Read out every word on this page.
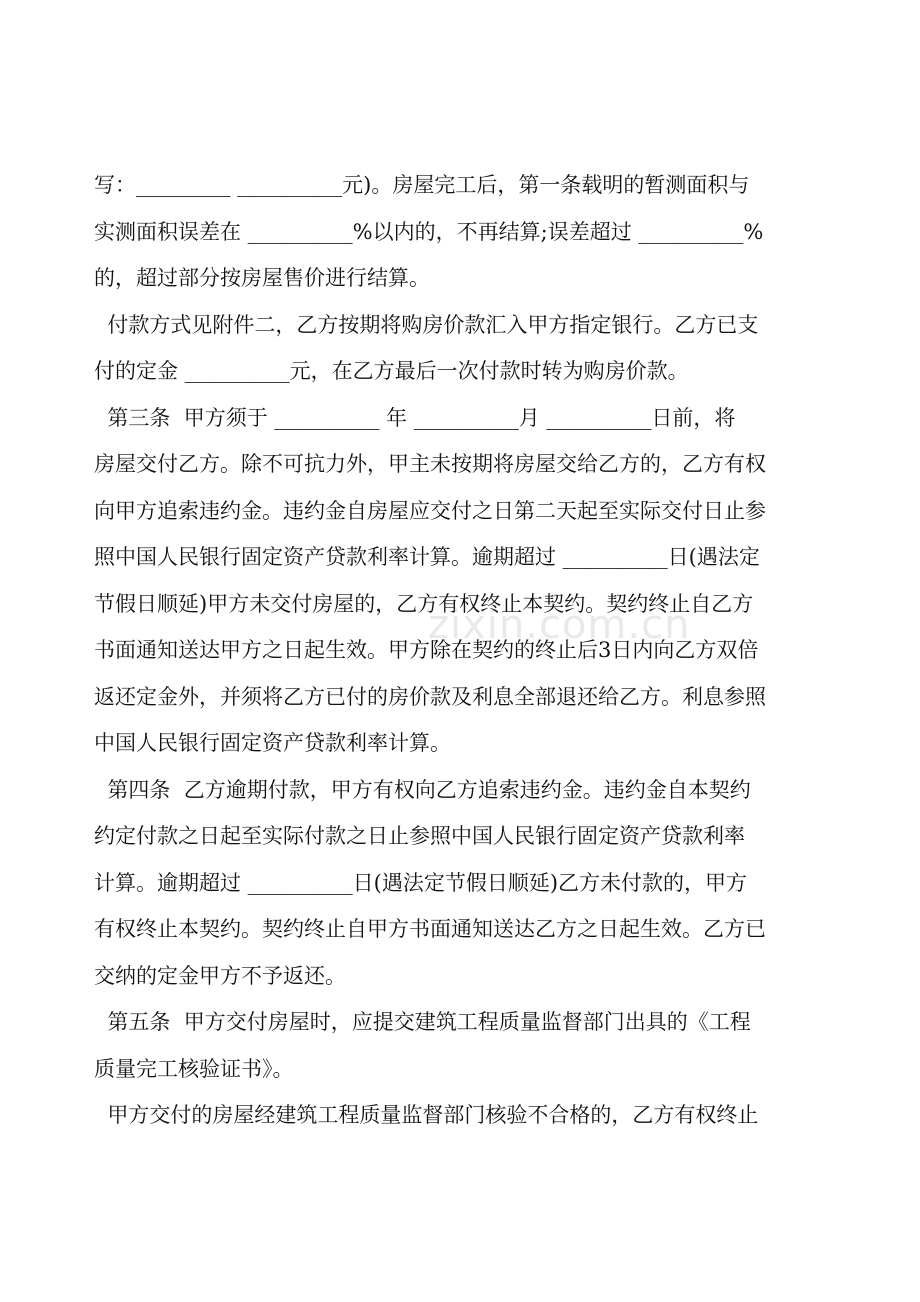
写：_________ __________元)。房屋完工后，第一条载明的暂测面积与
实测面积误差在 __________%以内的，不再结算;误差超过 __________%
的，超过部分按房屋售价进行结算。
付款方式见附件二，乙方按期将购房价款汇入甲方指定银行。乙方已支
付的定金 __________元，在乙方最后一次付款时转为购房价款。
第三条  甲方须于 __________ 年 __________月 __________日前，将
房屋交付乙方。除不可抗力外，甲主未按期将房屋交给乙方的，乙方有权
向甲方追索违约金。违约金自房屋应交付之日第二天起至实际交付日止参
照中国人民银行固定资产贷款利率计算。逾期超过 __________日(遇法定
节假日顺延)甲方未交付房屋的，乙方有权终止本契约。契约终止自乙方
书面通知送达甲方之日起生效。甲方除在契约的终止后3日内向乙方双倍
返还定金外，并须将乙方已付的房价款及利息全部退还给乙方。利息参照
中国人民银行固定资产贷款利率计算。
第四条  乙方逾期付款，甲方有权向乙方追索违约金。违约金自本契约
约定付款之日起至实际付款之日止参照中国人民银行固定资产贷款利率
计算。逾期超过 __________日(遇法定节假日顺延)乙方未付款的，甲方
有权终止本契约。契约终止自甲方书面通知送达乙方之日起生效。乙方已
交纳的定金甲方不予返还。
第五条  甲方交付房屋时，应提交建筑工程质量监督部门出具的《工程
质量完工核验证书》。
甲方交付的房屋经建筑工程质量监督部门核验不合格的，乙方有权终止
zixin.com.cn
